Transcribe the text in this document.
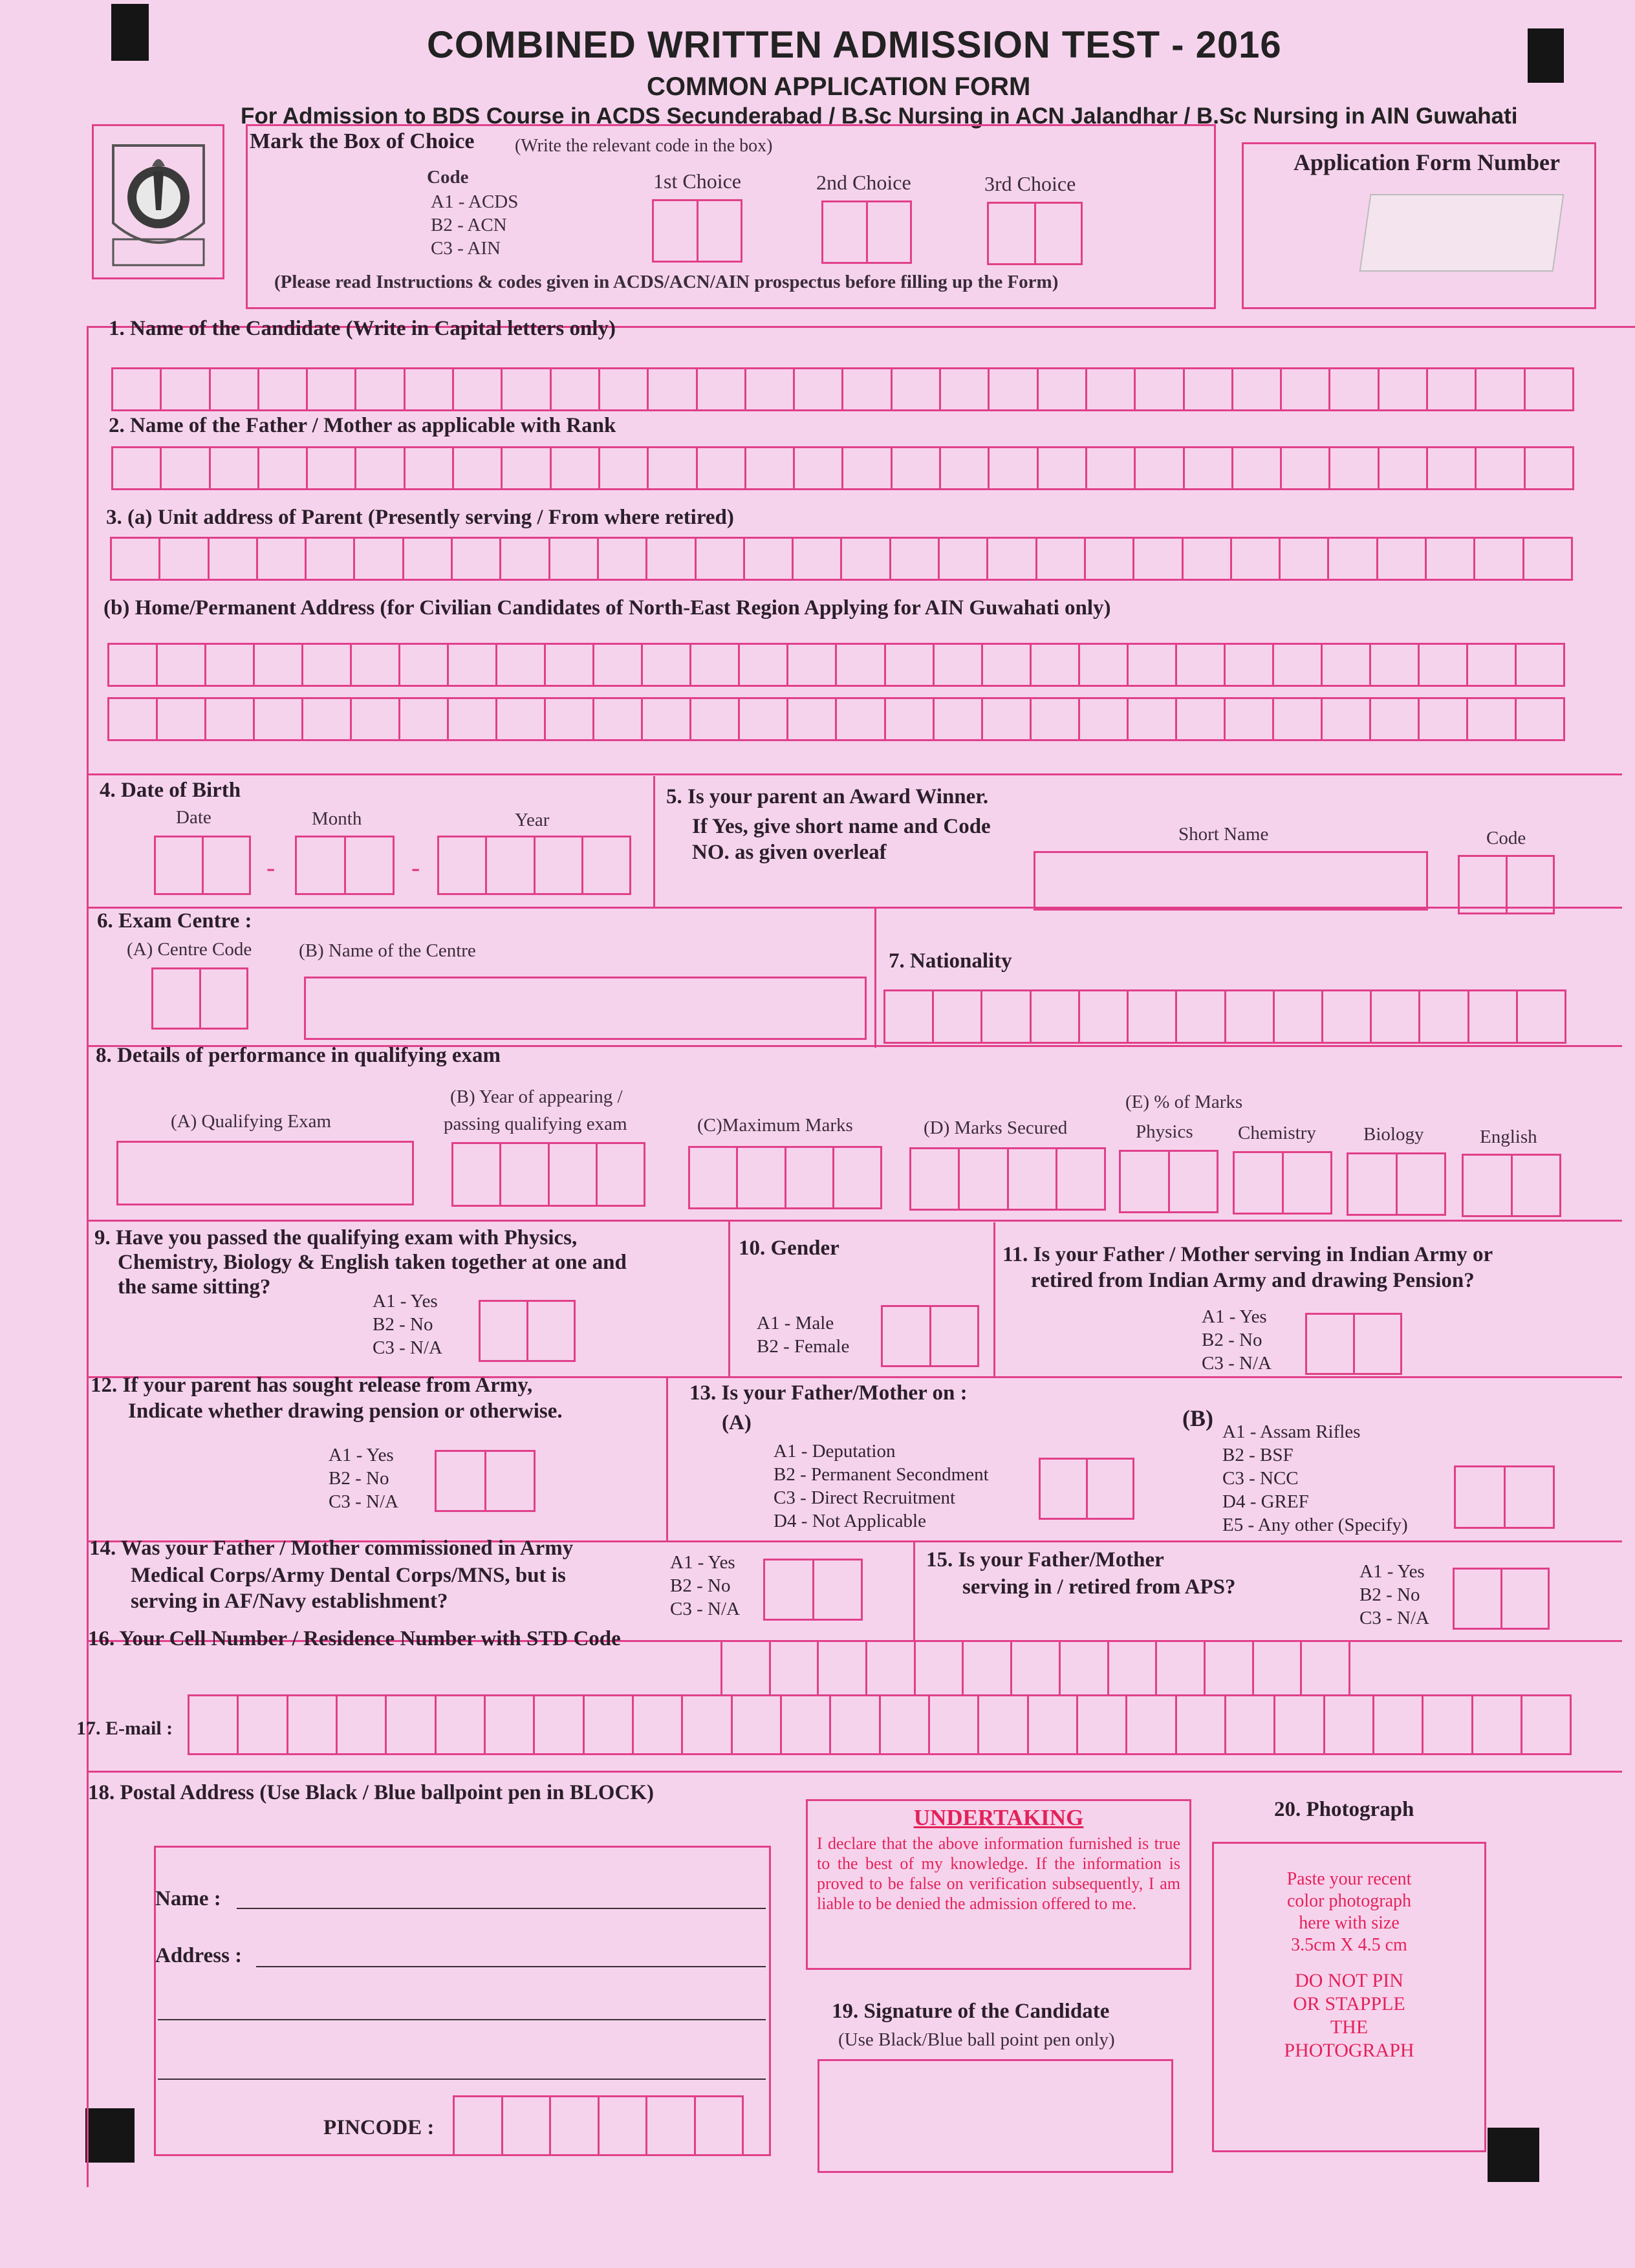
COMBINED WRITTEN ADMISSION TEST - 2016
COMMON APPLICATION FORM
For Admission to BDS Course in ACDS Secunderabad / B.Sc Nursing in ACN Jalandhar / B.Sc Nursing in AIN Guwahati
Mark the Box of Choice (Write the relevant code in the box)
Code
A1 - ACDS
B2 - ACN
C3 - AIN
1st Choice	2nd Choice	3rd Choice
(Please read Instructions & codes given in ACDS/ACN/AIN prospectus before filling up the Form)
Application Form Number
1. Name of the Candidate (Write in Capital letters only)
2. Name of the Father / Mother as applicable with Rank
3. (a) Unit address of Parent (Presently serving / From where retired)
(b) Home/Permanent Address (for Civilian Candidates of North-East Region Applying for AIN Guwahati only)
4. Date of Birth
Date	Month	Year
-	-
5. Is your parent an Award Winner.
If Yes, give short name and Code
NO. as given overleaf
Short Name	Code
6. Exam Centre :
(A) Centre Code	(B) Name of the Centre	7. Nationality
8. Details of performance in qualifying exam
(A) Qualifying Exam
(B) Year of appearing /
passing qualifying exam	(C)Maximum Marks	(D) Marks Secured
(E) % of Marks
Physics Chemistry	Biology	English
9. Have you passed the qualifying exam with Physics,
Chemistry, Biology & English taken together at one and
the same sitting?
A1 - Yes
B2 - No
C3 - N/A
10. Gender
A1 - Male
B2 - Female
11. Is your Father / Mother serving in Indian Army or
retired from Indian Army and drawing Pension?
A1 - Yes
B2 - No
C3 - N/A
12. If your parent has sought release from Army,
Indicate whether drawing pension or otherwise.
A1 - Yes
B2 - No
C3 - N/A
13. Is your Father/Mother on :
(A)
A1 - Deputation
B2 - Permanent Secondment
C3 - Direct Recruitment
D4 - Not Applicable
(B)
A1 - Assam Rifles
B2 - BSF
C3 - NCC
D4 - GREF
E5 - Any other (Specify)
14. Was your Father / Mother commissioned in Army
Medical Corps/Army Dental Corps/MNS, but is
serving in AF/Navy establishment?
A1 - Yes
B2 - No
C3 - N/A
15. Is your Father/Mother
serving in / retired from APS?
A1 - Yes
B2 - No
C3 - N/A
16. Your Cell Number / Residence Number with STD Code
17. E-mail :
18. Postal Address (Use Black / Blue ballpoint pen in BLOCK)
Name :
Address :
PINCODE :
UNDERTAKING
I declare that the above information furnished is true to the best of my knowledge. If the information is proved to be false on verification subsequently, I am liable to be denied the admission offered to me.
19. Signature of the Candidate
(Use Black/Blue ball point pen only)
20. Photograph
Paste your recent
color photograph
here with size
3.5cm X 4.5 cm
DO NOT PIN
OR STAPPLE
THE
PHOTOGRAPH
